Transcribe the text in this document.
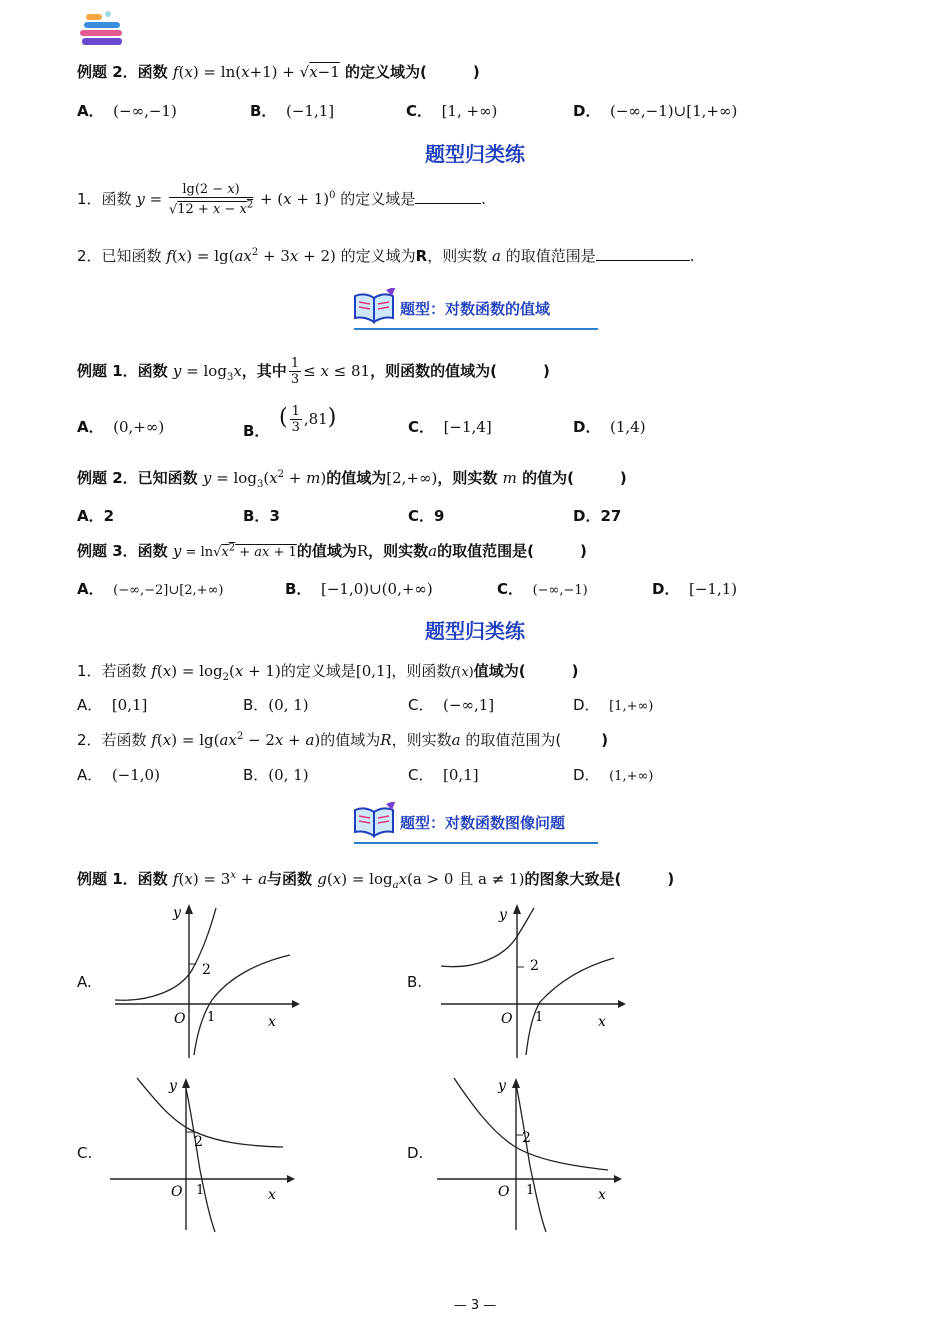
例题 2．函数 f(x) = ln(x+1) + √x−1 的定义域为(	)
A． (−∞,−1)	B． (−1,1]	C． [1, +∞)	D． (−∞,−1)∪[1,+∞)
题型归类练
1．函数 $y = \frac{\lg(2 - x)}{√12 + x - x^2} + (x + 1)^0$ 的定义域是	.
2．已知函数 $f(x) = \lg(ax^2 + 3x + 2)$ 的定义域为R，则实数 a 的取值范围是	.
题型：对数函数的值域
例题 1．函数 $y = \log_3x$，其中 $\frac{1}{3} \le x \le 81$，则函数的值域为(	)
A． (0,+∞)	B．  ( $\frac{1}{3} ,81$)	C． [−1,4]	D． (1,4)
例题 2．已知函数 $y = \log_3(x^2 + m)$的值域为[2,+∞)，则实数 m 的值为(	)
A．2	B．3	C．9	D．27
例题 3．函数 $y = \ln√x^2$ + ax + 1的值域为R，则实数a的取值范围是(	)
A． (−∞,−2]∪[2,+∞)	B． [−1,0)∪(0,+∞)	C． (−∞,−1)	D． [−1,1)
题型归类练
1．若函数 $f(x) = \log_2(x + 1)$的定义域是[0,1]，则函数f(x)值域为(	)
A． [0,1]	B．(0, 1)	C． (−∞,1]	D． [1,+∞)
2．若函数 $f(x) = \lg(ax^2 - 2x + a)$的值域为R，则实数a 的取值范围为(	)
A． (−1,0)	B．(0, 1)	C． [0,1]	D． (1,+∞)
题型：对数函数图像问题
例题 1．函数 $f(x) = 3^x + a$与函数 $g(x) = \log_ax(a > 0$ 且 a ≠ 1)的图象大致是(	)
A.
y
2
O 1	x
B.
y
2
O 1	x
C.
y
2
O 1	x
D.
y
2
O 1	x
— 3 —
